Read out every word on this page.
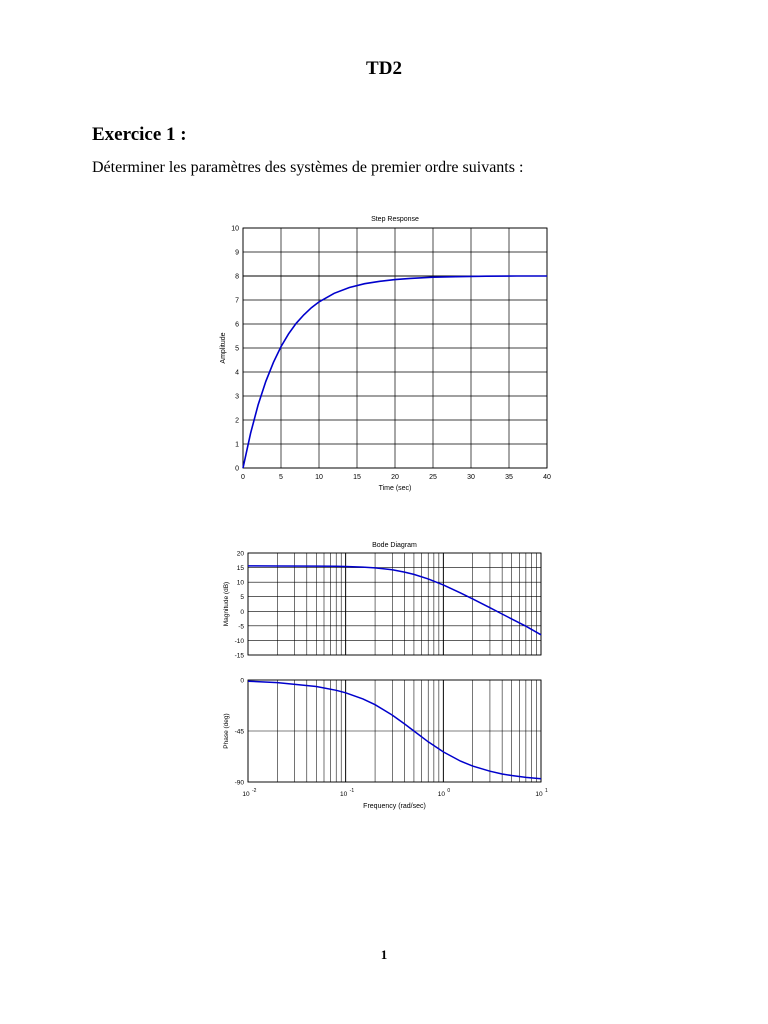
TD2
Exercice 1 :
Déterminer les paramètres des systèmes de premier ordre suivants :
0	5	10	15	20	25	30	35	40
0
1
2
3
4
5
6
7
8
9
10
Step Response
Time (sec)
Amplitude
20
15
10
5
0
-5
-10
-15
Magnitude (dB)
0
-45
-90
Phase (deg)
Bode Diagram
10 -2	10 -1	10 0	10 1
Frequency (rad/sec)
1
